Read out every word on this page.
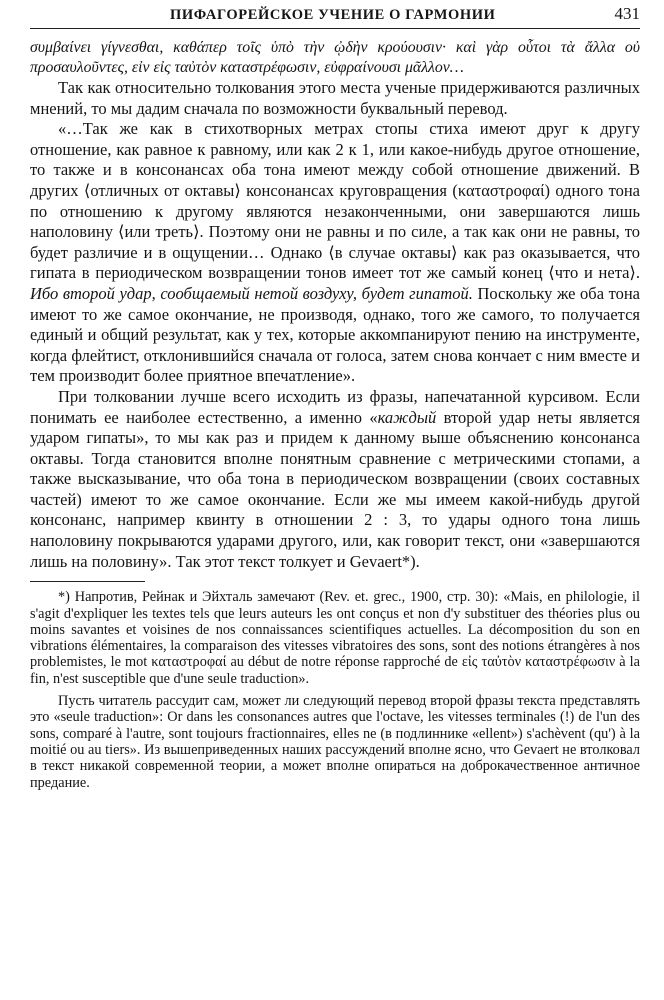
ПИФАГОРЕЙСКОЕ УЧЕНИЕ О ГАРМОНИИ	431

συμβαίνει γίγνεσθαι, καθάπερ τοῖς ὑπὸ τὴν ᾠδὴν κρούουσιν· καὶ γὰρ οὗτοι τὰ ἄλλα οὐ προσαυλοῦντες, εἰν εἰς ταὐτὸν καταστρέφωσιν, εὐφραίνουσι μᾶλλον…

Так как относительно толкования этого места ученые придерживаются различных мнений, то мы дадим сначала по возможности буквальный перевод.

«…Так же как в стихотворных метрах стопы стиха имеют друг к другу отношение, как равное к равному, или как 2 к 1, или какое-нибудь другое отношение, то также и в консонансах оба тона имеют между собой отношение движений. В других ⟨отличных от октавы⟩ консонансах круговращения (καταστροφαί) одного тона по отношению к другому являются незаконченными, они завершаются лишь наполовину ⟨или треть⟩. Поэтому они не равны и по силе, а так как они не равны, то будет различие и в ощущении… Однако ⟨в случае октавы⟩ как раз оказывается, что гипата в периодическом возвращении тонов имеет тот же самый конец ⟨что и нета⟩. Ибо второй удар, сообщаемый нетой воздуху, будет гипатой. Поскольку же оба тона имеют то же самое окончание, не производя, однако, того же самого, то получается единый и общий результат, как у тех, которые аккомпанируют пению на инструменте, когда флейтист, отклонившийся сначала от голоса, затем снова кончает с ним вместе и тем производит более приятное впечатление».

При толковании лучше всего исходить из фразы, напечатанной курсивом. Если понимать ее наиболее естественно, а именно «каждый второй удар неты является ударом гипаты», то мы как раз и придем к данному выше объяснению консонанса октавы. Тогда становится вполне понятным сравнение с метрическими стопами, а также высказывание, что оба тона в периодическом возвращении (своих составных частей) имеют то же самое окончание. Если же мы имеем какой-нибудь другой консонанс, например квинту в отношении 2 : 3, то удары одного тона лишь наполовину покрываются ударами другого, или, как говорит текст, они «завершаются лишь на половину». Так этот текст толкует и Gevaert*).

*) Напротив, Рейнак и Эйхталь замечают (Rev. et. grec., 1900, стр. 30): «Mais, en philologie, il s'agit d'expliquer les textes tels que leurs auteurs les ont conçus et non d'y substituer des théories plus ou moins savantes et voisines de nos connaissances scientifiques actuelles. La décomposition du son en vibrations élémentaires, la comparaison des vitesses vibratoires des sons, sont des notions étrangères à nos problemistes, le mot καταστροφαί au début de notre réponse rapproché de εἰς ταὐτὸν καταστρέφωσιν à la fin, n'est susceptible que d'une seule traduction».

Пусть читатель рассудит сам, может ли следующий перевод второй фразы текста представлять это «seule traduction»: Or dans les consonances autres que l'octave, les vitesses terminales (!) de l'un des sons, comparé à l'autre, sont toujours fractionnaires, elles ne (в подлиннике «ellent») s'achèvent (qu') à la moitié ou au tiers». Из вышеприведенных наших рассуждений вполне ясно, что Gevaert не втолковал в текст никакой современной теории, а может вполне опираться на доброкачественное античное предание.
